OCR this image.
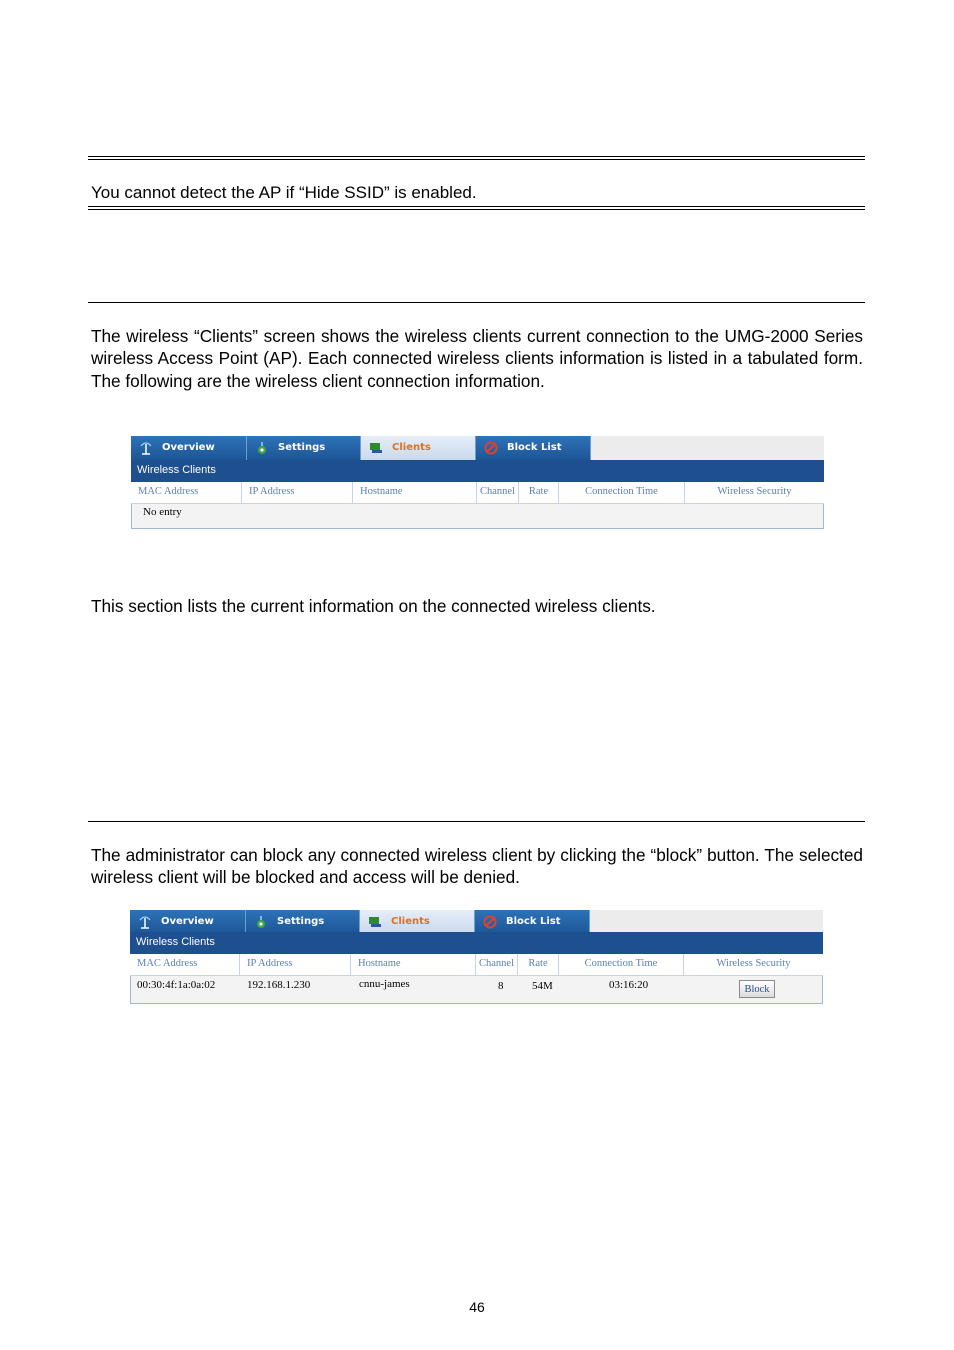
You cannot detect the AP if “Hide SSID” is enabled.

The wireless “Clients” screen shows the wireless clients current connection to the UMG-2000 Series wireless Access Point (AP). Each connected wireless clients information is listed in a tabulated form. The following are the wireless client connection information.

Overview	Settings	Clients	Block List
Wireless Clients
MAC Address	IP Address	Hostname	Channel	Rate	Connection Time	Wireless Security
No entry

This section lists the current information on the connected wireless clients.

The administrator can block any connected wireless client by clicking the “block” button. The selected wireless client will be blocked and access will be denied.

Overview	Settings	Clients	Block List
Wireless Clients
MAC Address	IP Address	Hostname	Channel	Rate	Connection Time	Wireless Security
00:30:4f:1a:0a:02	192.168.1.230	cnnu-james	8	54M	03:16:20	Block
46
